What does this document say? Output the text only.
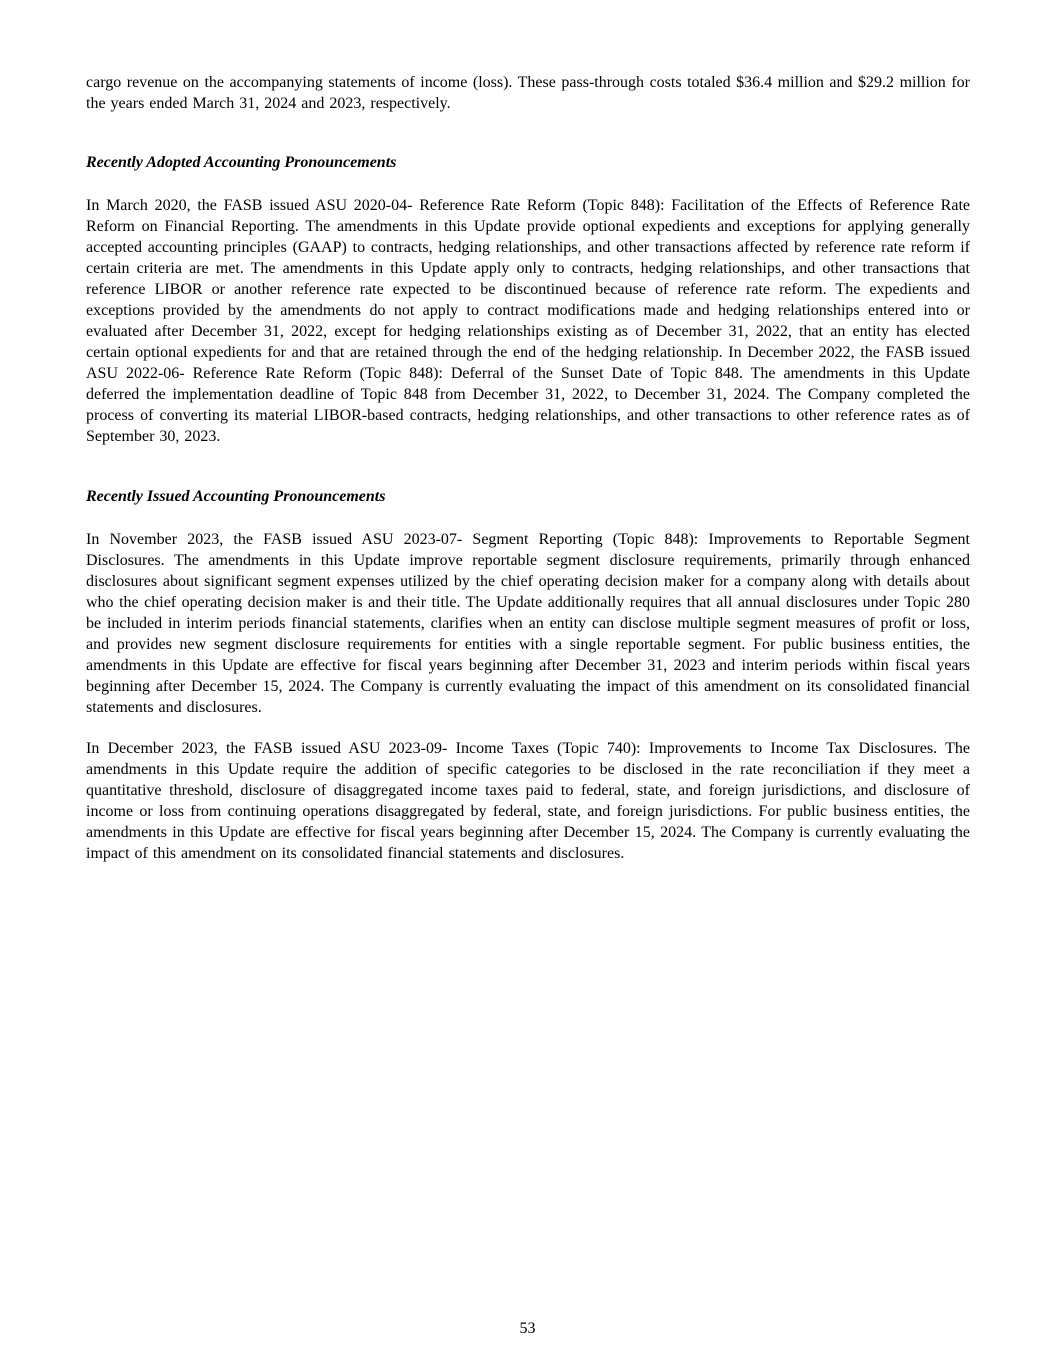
cargo revenue on the accompanying statements of income (loss). These pass-through costs totaled $36.4 million and $29.2 million for the years ended March 31, 2024 and 2023, respectively.

Recently Adopted Accounting Pronouncements

In March 2020, the FASB issued ASU 2020-04- Reference Rate Reform (Topic 848): Facilitation of the Effects of Reference Rate Reform on Financial Reporting. The amendments in this Update provide optional expedients and exceptions for applying generally accepted accounting principles (GAAP) to contracts, hedging relationships, and other transactions affected by reference rate reform if certain criteria are met. The amendments in this Update apply only to contracts, hedging relationships, and other transactions that reference LIBOR or another reference rate expected to be discontinued because of reference rate reform. The expedients and exceptions provided by the amendments do not apply to contract modifications made and hedging relationships entered into or evaluated after December 31, 2022, except for hedging relationships existing as of December 31, 2022, that an entity has elected certain optional expedients for and that are retained through the end of the hedging relationship. In December 2022, the FASB issued ASU 2022-06- Reference Rate Reform (Topic 848): Deferral of the Sunset Date of Topic 848. The amendments in this Update deferred the implementation deadline of Topic 848 from December 31, 2022, to December 31, 2024. The Company completed the process of converting its material LIBOR-based contracts, hedging relationships, and other transactions to other reference rates as of September 30, 2023.

Recently Issued Accounting Pronouncements

In November 2023, the FASB issued ASU 2023-07- Segment Reporting (Topic 848): Improvements to Reportable Segment Disclosures. The amendments in this Update improve reportable segment disclosure requirements, primarily through enhanced disclosures about significant segment expenses utilized by the chief operating decision maker for a company along with details about who the chief operating decision maker is and their title. The Update additionally requires that all annual disclosures under Topic 280 be included in interim periods financial statements, clarifies when an entity can disclose multiple segment measures of profit or loss, and provides new segment disclosure requirements for entities with a single reportable segment. For public business entities, the amendments in this Update are effective for fiscal years beginning after December 31, 2023 and interim periods within fiscal years beginning after December 15, 2024. The Company is currently evaluating the impact of this amendment on its consolidated financial statements and disclosures.

In December 2023, the FASB issued ASU 2023-09- Income Taxes (Topic 740): Improvements to Income Tax Disclosures. The amendments in this Update require the addition of specific categories to be disclosed in the rate reconciliation if they meet a quantitative threshold, disclosure of disaggregated income taxes paid to federal, state, and foreign jurisdictions, and disclosure of income or loss from continuing operations disaggregated by federal, state, and foreign jurisdictions. For public business entities, the amendments in this Update are effective for fiscal years beginning after December 15, 2024. The Company is currently evaluating the impact of this amendment on its consolidated financial statements and disclosures.

53
